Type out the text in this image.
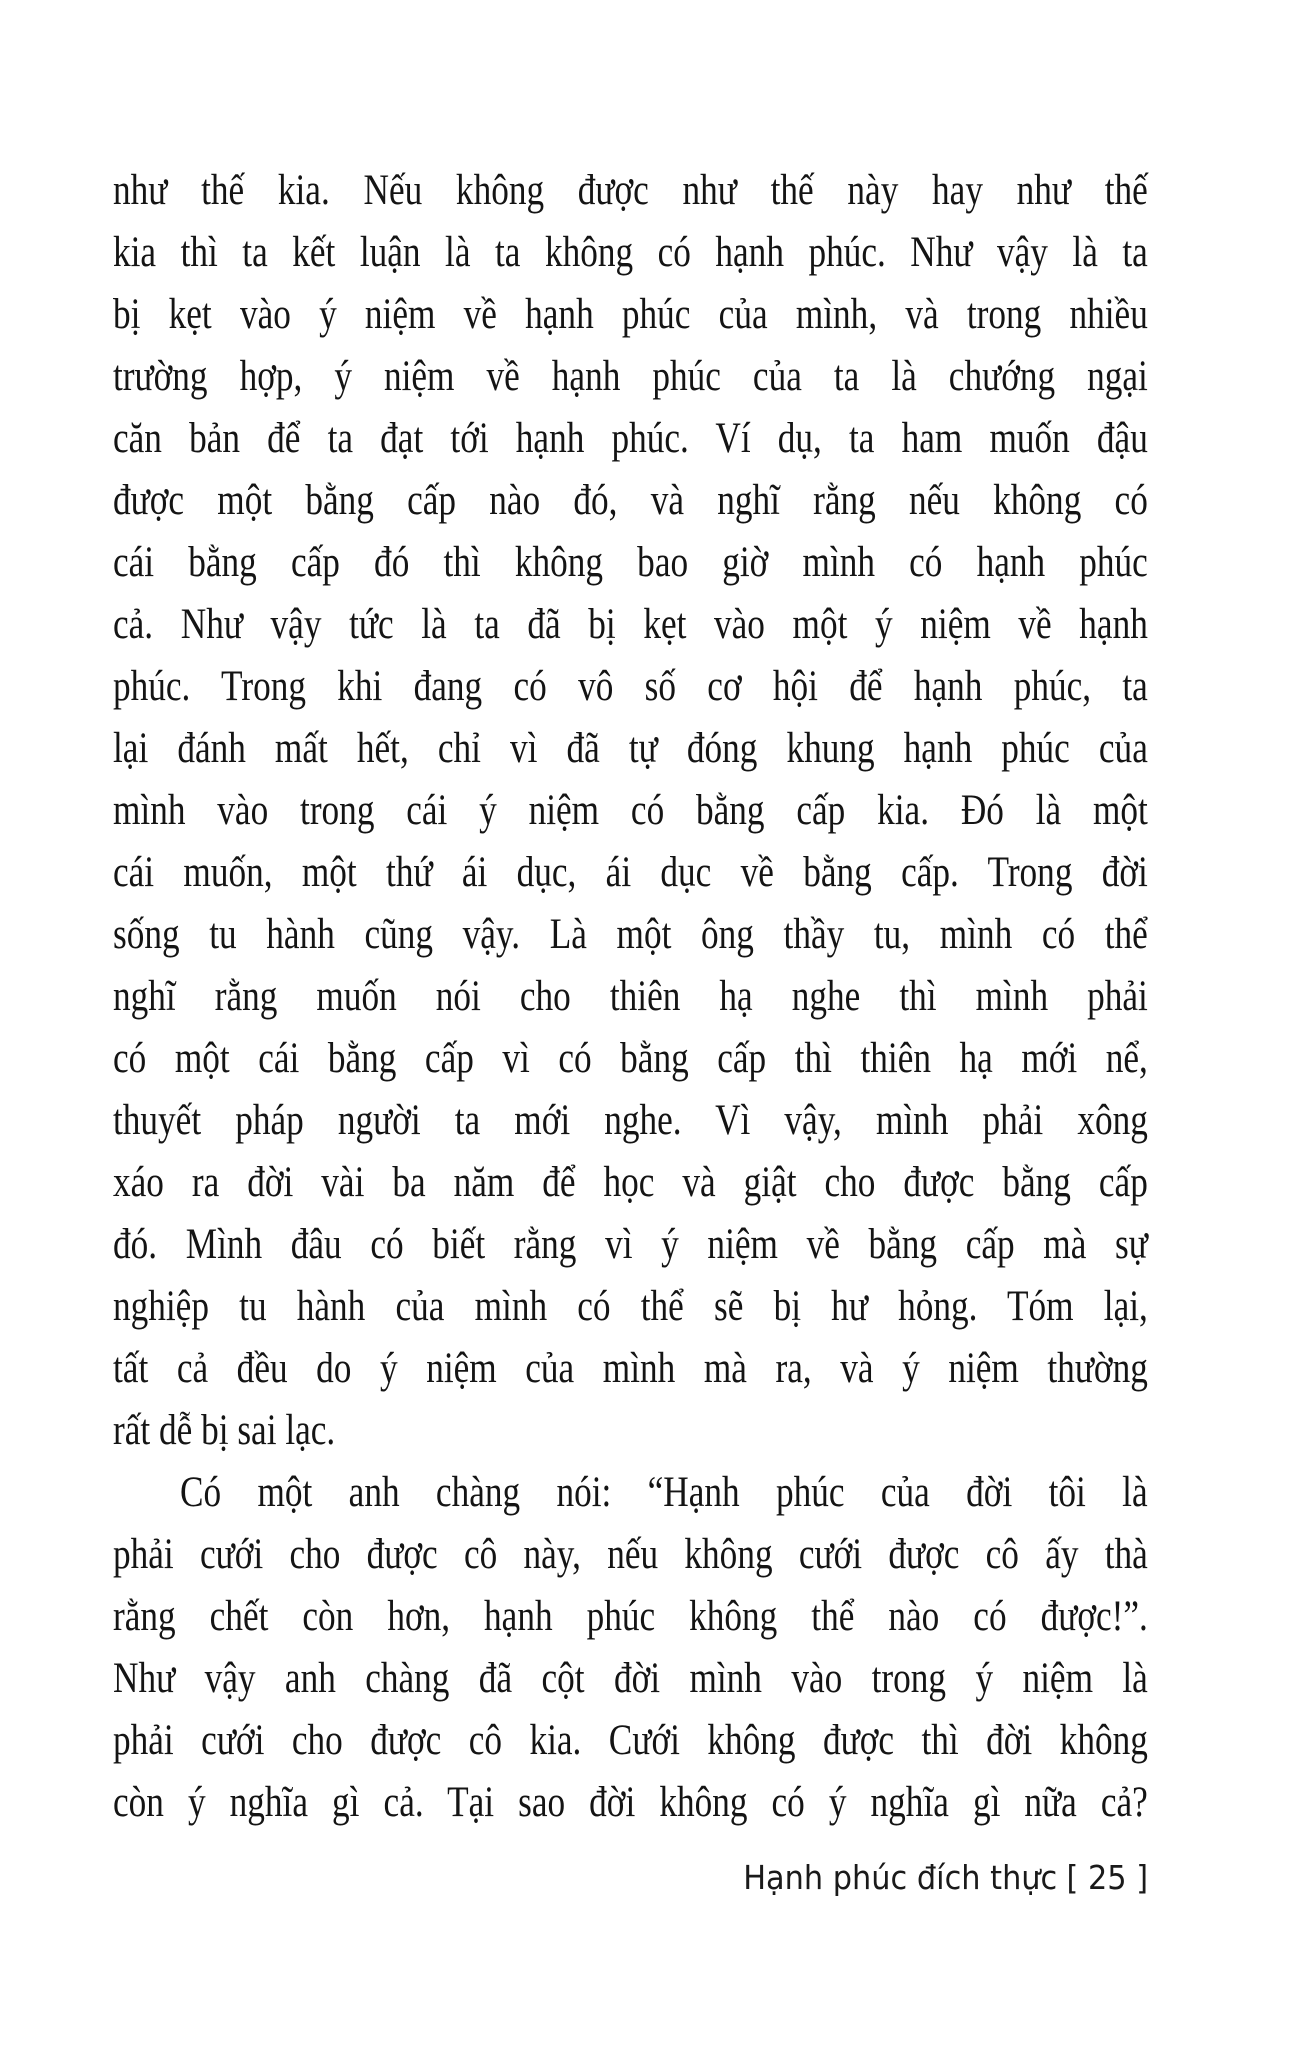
như thế kia. Nếu không được như thế này hay như thế
kia thì ta kết luận là ta không có hạnh phúc. Như vậy là ta
bị kẹt vào ý niệm về hạnh phúc của mình, và trong nhiều
trường hợp, ý niệm về hạnh phúc của ta là chướng ngại
căn bản để ta đạt tới hạnh phúc. Ví dụ, ta ham muốn đậu
được một bằng cấp nào đó, và nghĩ rằng nếu không có
cái bằng cấp đó thì không bao giờ mình có hạnh phúc
cả. Như vậy tức là ta đã bị kẹt vào một ý niệm về hạnh
phúc. Trong khi đang có vô số cơ hội để hạnh phúc, ta
lại đánh mất hết, chỉ vì đã tự đóng khung hạnh phúc của
mình vào trong cái ý niệm có bằng cấp kia. Đó là một
cái muốn, một thứ ái dục, ái dục về bằng cấp. Trong đời
sống tu hành cũng vậy. Là một ông thầy tu, mình có thể
nghĩ rằng muốn nói cho thiên hạ nghe thì mình phải
có một cái bằng cấp vì có bằng cấp thì thiên hạ mới nể,
thuyết pháp người ta mới nghe. Vì vậy, mình phải xông
xáo ra đời vài ba năm để học và giật cho được bằng cấp
đó. Mình đâu có biết rằng vì ý niệm về bằng cấp mà sự
nghiệp tu hành của mình có thể sẽ bị hư hỏng. Tóm lại,
tất cả đều do ý niệm của mình mà ra, và ý niệm thường
rất dễ bị sai lạc.
Có một anh chàng nói: “Hạnh phúc của đời tôi là
phải cưới cho được cô này, nếu không cưới được cô ấy thà
rằng chết còn hơn, hạnh phúc không thể nào có được!”.
Như vậy anh chàng đã cột đời mình vào trong ý niệm là
phải cưới cho được cô kia. Cưới không được thì đời không
còn ý nghĩa gì cả. Tại sao đời không có ý nghĩa gì nữa cả?
Hạnh phúc đích thực [ 25 ]
